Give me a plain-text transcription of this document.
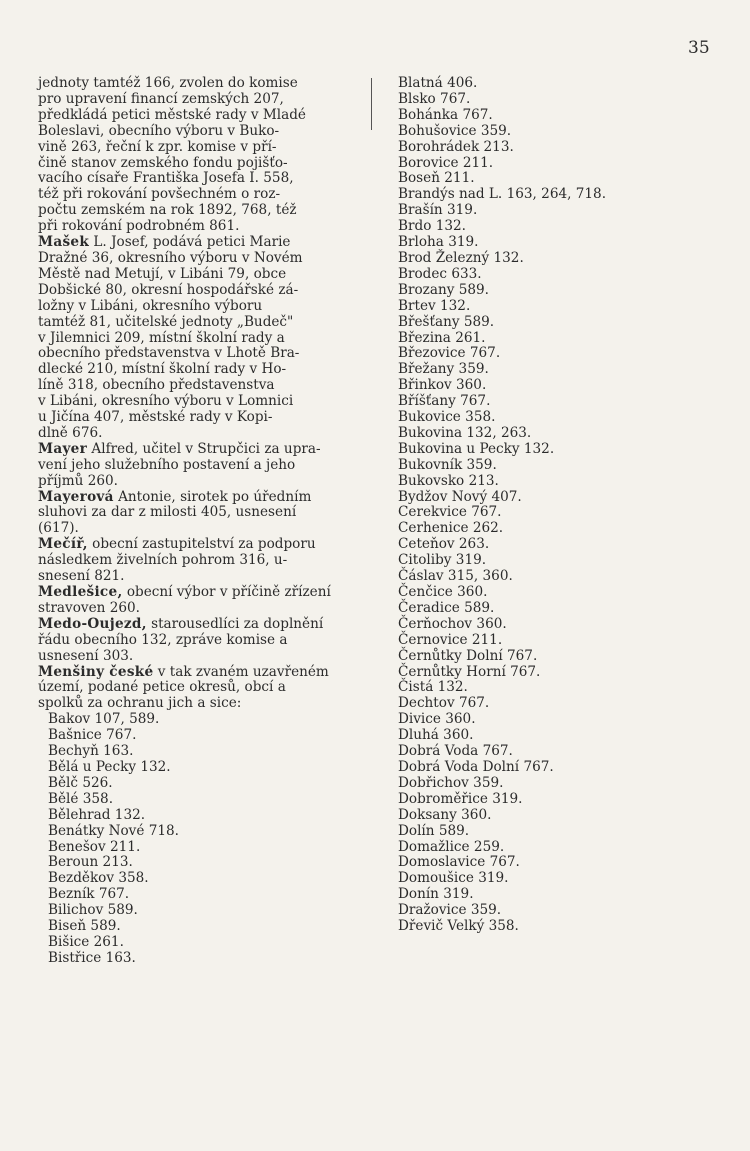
35
jednoty tamtéž 166, zvolen do komise
pro upravení financí zemských 207,
předkládá petici městské rady v Mladé
Boleslavi, obecního výboru v Buko-
vině 263, řeční k zpr. komise v pří-
čině stanov zemského fondu pojišťo-
vacího císaře Františka Josefa I. 558,
též při rokování povšechném o roz-
počtu zemském na rok 1892, 768, též
při rokování podrobném 861.
Mašek L. Josef, podává petici Marie
Dražné 36, okresního výboru v Novém
Městě nad Metují, v Libáni 79, obce
Dobšické 80, okresní hospodářské zá-
ložny v Libáni, okresního výboru
tamtéž 81, učitelské jednoty „Budeč"
v Jilemnici 209, místní školní rady a
obecního představenstva v Lhotě Bra-
dlecké 210, místní školní rady v Ho-
líně 318, obecního představenstva
v Libáni, okresního výboru v Lomnici
u Jičína 407, městské rady v Kopi-
dlně 676.
Mayer Alfred, učitel v Strupčici za upra-
vení jeho služebního postavení a jeho
příjmů 260.
Mayerová Antonie, sirotek po úředním
sluhovi za dar z milosti 405, usnesení
(617).
Mečíř, obecní zastupitelství za podporu
následkem živelních pohrom 316, u-
snesení 821.
Medlešice, obecní výbor v příčině zřízení
stravoven 260.
Medo-Oujezd, starousedlíci za doplnění
řádu obecního 132, zpráve komise a
usnesení 303.
Menšiny české v tak zvaném uzavřeném
území, podané petice okresů, obcí a
spolků za ochranu jich a sice:
Bakov 107, 589.
Bašnice 767.
Bechyň 163.
Bělá u Pecky 132.
Bělč 526.
Bělé 358.
Bělehrad 132.
Benátky Nové 718.
Benešov 211.
Beroun 213.
Bezděkov 358.
Bezník 767.
Bilichov 589.
Biseň 589.
Bišice 261.
Bistřice 163.
Blatná 406.
Blsko 767.
Bohánka 767.
Bohušovice 359.
Borohrádek 213.
Borovice 211.
Boseň 211.
Brandýs nad L. 163, 264, 718.
Brašín 319.
Brdo 132.
Brloha 319.
Brod Železný 132.
Brodec 633.
Brozany 589.
Brtev 132.
Břešťany 589.
Březina 261.
Březovice 767.
Břežany 359.
Břinkov 360.
Bříšťany 767.
Bukovice 358.
Bukovina 132, 263.
Bukovina u Pecky 132.
Bukovník 359.
Bukovsko 213.
Bydžov Nový 407.
Cerekvice 767.
Cerhenice 262.
Ceteňov 263.
Citoliby 319.
Čáslav 315, 360.
Čenčice 360.
Čeradice 589.
Čerňochov 360.
Černovice 211.
Černůtky Dolní 767.
Černůtky Horní 767.
Čistá 132.
Dechtov 767.
Divice 360.
Dluhá 360.
Dobrá Voda 767.
Dobrá Voda Dolní 767.
Dobřichov 359.
Dobroměřice 319.
Doksany 360.
Dolín 589.
Domažlice 259.
Domoslavice 767.
Domoušice 319.
Donín 319.
Dražovice 359.
Dřevič Velký 358.
